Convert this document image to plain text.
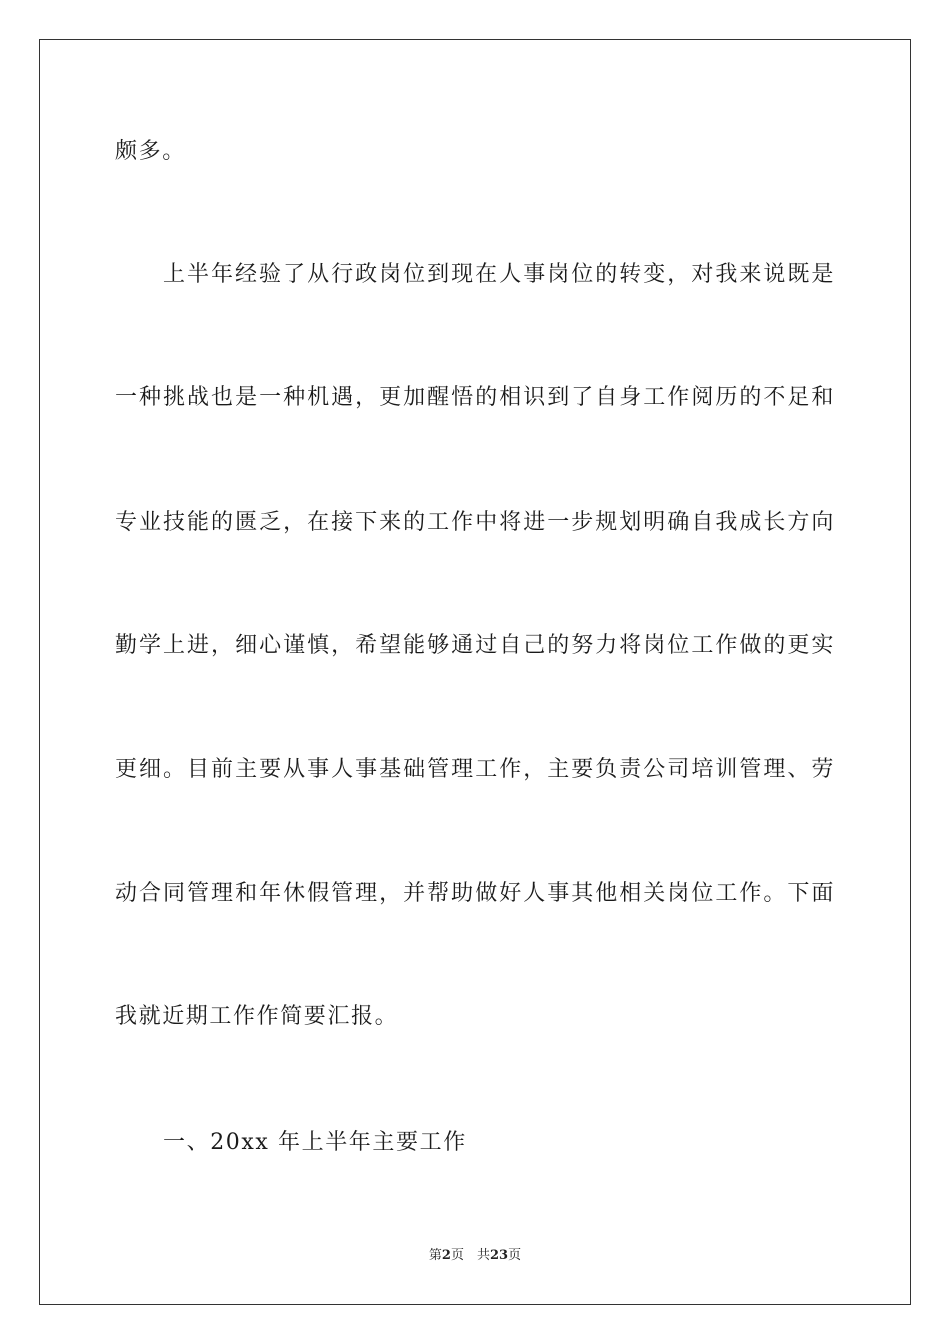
颇多。
上半年经验了从行政岗位到现在人事岗位的转变，对我来说既是
一种挑战也是一种机遇，更加醒悟的相识到了自身工作阅历的不足和
专业技能的匮乏，在接下来的工作中将进一步规划明确自我成长方向
勤学上进，细心谨慎，希望能够通过自己的努力将岗位工作做的更实
更细。目前主要从事人事基础管理工作，主要负责公司培训管理、劳
动合同管理和年休假管理，并帮助做好人事其他相关岗位工作。下面
我就近期工作作简要汇报。
一、20xx 年上半年主要工作
第2页　共23页
